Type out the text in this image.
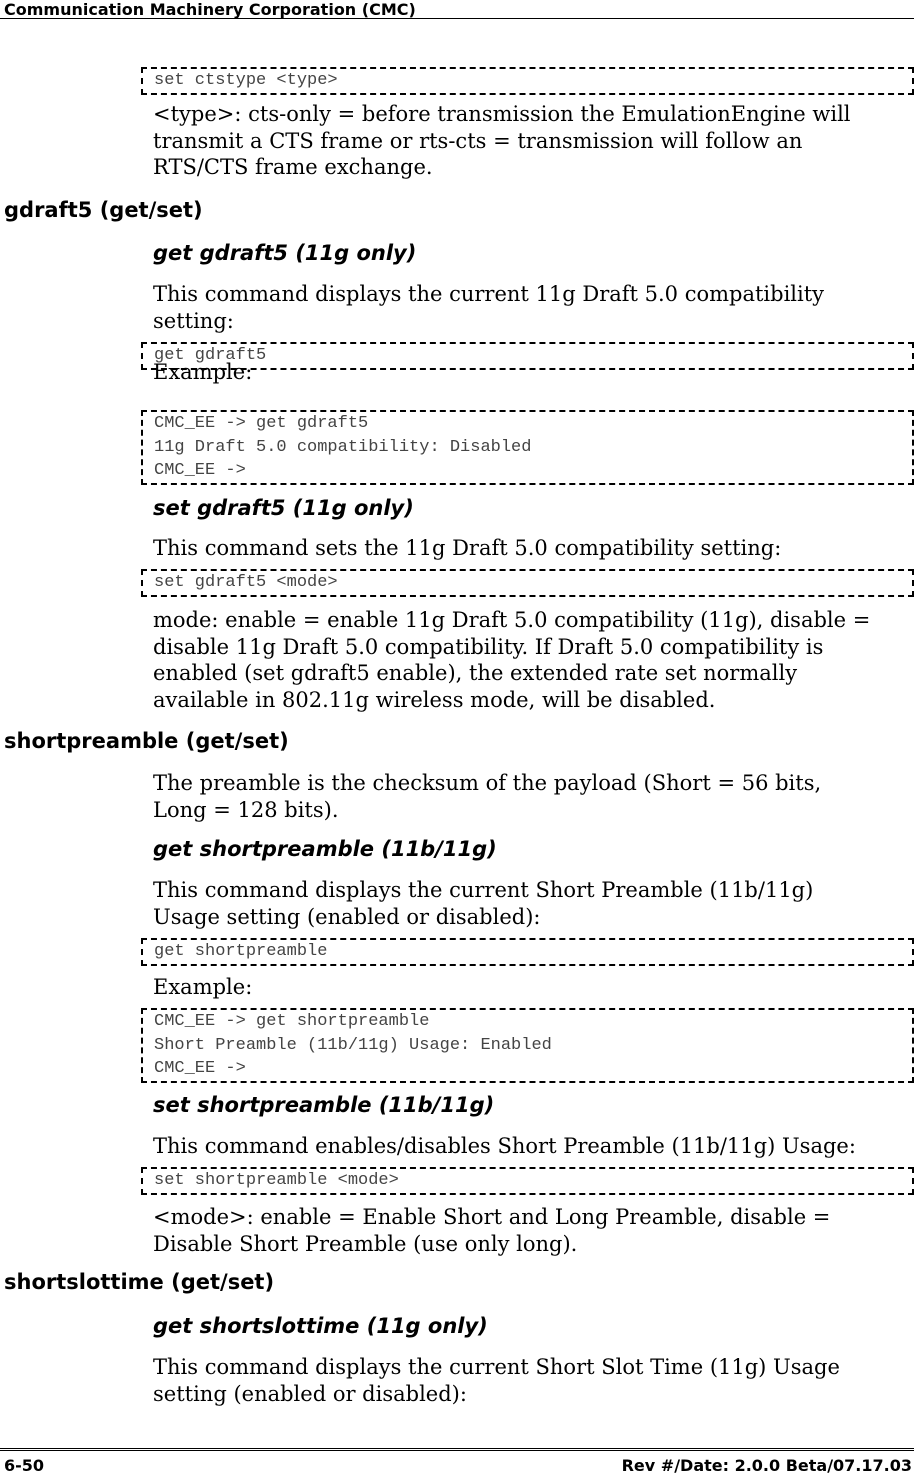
Communication Machinery Corporation (CMC)
set ctstype <type>
<type>: cts-only = before transmission the EmulationEngine will
transmit a CTS frame or rts-cts = transmission will follow an
RTS/CTS frame exchange.
gdraft5 (get/set)
get gdraft5 (11g only)
This command displays the current 11g Draft 5.0 compatibility
setting:
get gdraft5
Example:
CMC_EE -> get gdraft5
11g Draft 5.0 compatibility: Disabled
CMC_EE ->
set gdraft5 (11g only)
This command sets the 11g Draft 5.0 compatibility setting:
set gdraft5 <mode>
mode: enable = enable 11g Draft 5.0 compatibility (11g), disable =
disable 11g Draft 5.0 compatibility. If Draft 5.0 compatibility is
enabled (set gdraft5 enable), the extended rate set normally
available in 802.11g wireless mode, will be disabled.
shortpreamble (get/set)
The preamble is the checksum of the payload (Short = 56 bits,
Long = 128 bits).
get shortpreamble (11b/11g)
This command displays the current Short Preamble (11b/11g)
Usage setting (enabled or disabled):
get shortpreamble
Example:
CMC_EE -> get shortpreamble
Short Preamble (11b/11g) Usage: Enabled
CMC_EE ->
set shortpreamble (11b/11g)
This command enables/disables Short Preamble (11b/11g) Usage:
set shortpreamble <mode>
<mode>: enable = Enable Short and Long Preamble, disable =
Disable Short Preamble (use only long).
shortslottime (get/set)
get shortslottime (11g only)
This command displays the current Short Slot Time (11g) Usage
setting (enabled or disabled):
6-50	Rev #/Date: 2.0.0 Beta/07.17.03
